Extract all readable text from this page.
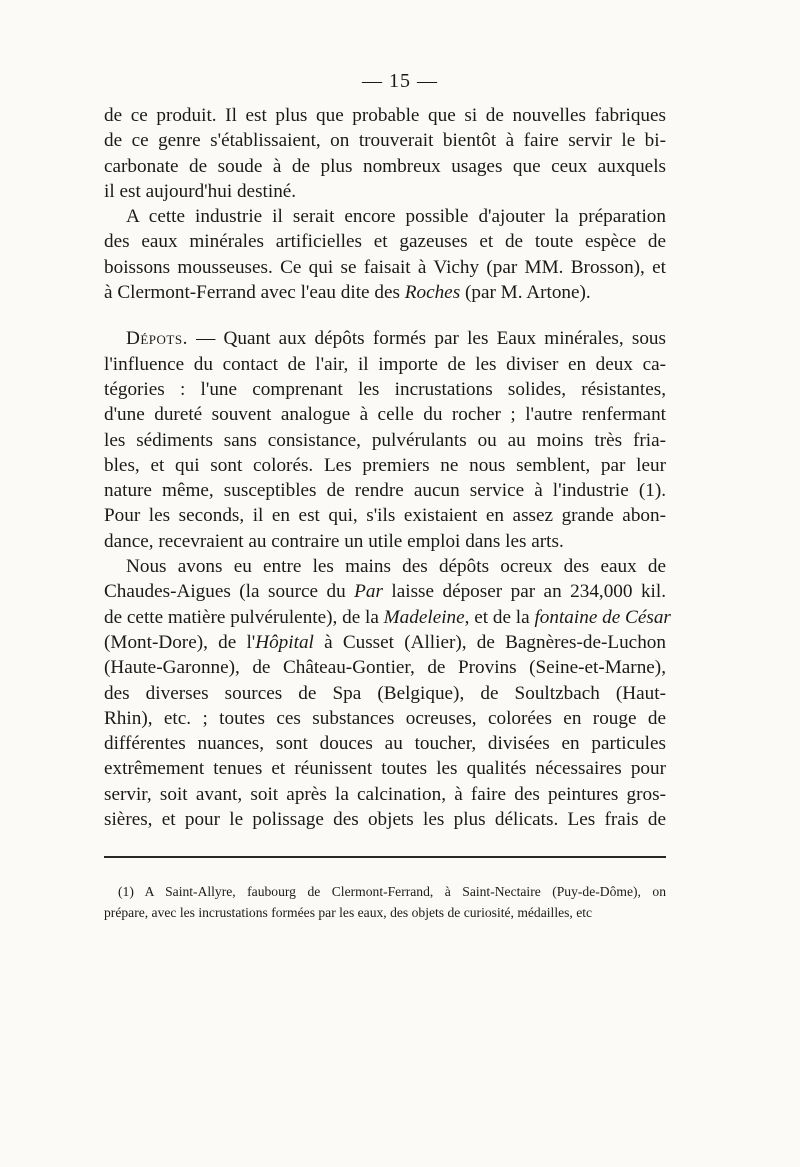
— 15 —
de ce produit. Il est plus que probable que si de nouvelles fabriques
de ce genre s'établissaient, on trouverait bientôt à faire servir le bi-
carbonate de soude à de plus nombreux usages que ceux auxquels
il est aujourd'hui destiné.
A cette industrie il serait encore possible d'ajouter la préparation
des eaux minérales artificielles et gazeuses et de toute espèce de
boissons mousseuses. Ce qui se faisait à Vichy (par MM. Brosson), et
à Clermont-Ferrand avec l'eau dite des Roches (par M. Artone).
Dépots. — Quant aux dépôts formés par les Eaux minérales, sous
l'influence du contact de l'air, il importe de les diviser en deux ca-
tégories : l'une comprenant les incrustations solides, résistantes,
d'une dureté souvent analogue à celle du rocher ; l'autre renfermant
les sédiments sans consistance, pulvérulants ou au moins très fria-
bles, et qui sont colorés. Les premiers ne nous semblent, par leur
nature même, susceptibles de rendre aucun service à l'industrie (1).
Pour les seconds, il en est qui, s'ils existaient en assez grande abon-
dance, recevraient au contraire un utile emploi dans les arts.
Nous avons eu entre les mains des dépôts ocreux des eaux de
Chaudes-Aigues (la source du Par laisse déposer par an 234,000 kil.
de cette matière pulvérulente), de la Madeleine, et de la fontaine de César
(Mont-Dore), de l'Hôpital à Cusset (Allier), de Bagnères-de-Luchon
(Haute-Garonne), de Château-Gontier, de Provins (Seine-et-Marne),
des diverses sources de Spa (Belgique), de Soultzbach (Haut-
Rhin), etc. ; toutes ces substances ocreuses, colorées en rouge de
différentes nuances, sont douces au toucher, divisées en particules
extrêmement tenues et réunissent toutes les qualités nécessaires pour
servir, soit avant, soit après la calcination, à faire des peintures gros-
sières, et pour le polissage des objets les plus délicats. Les frais de
(1) A Saint-Allyre, faubourg de Clermont-Ferrand, à Saint-Nectaire (Puy-de-Dôme), on
prépare, avec les incrustations formées par les eaux, des objets de curiosité, médailles, etc
